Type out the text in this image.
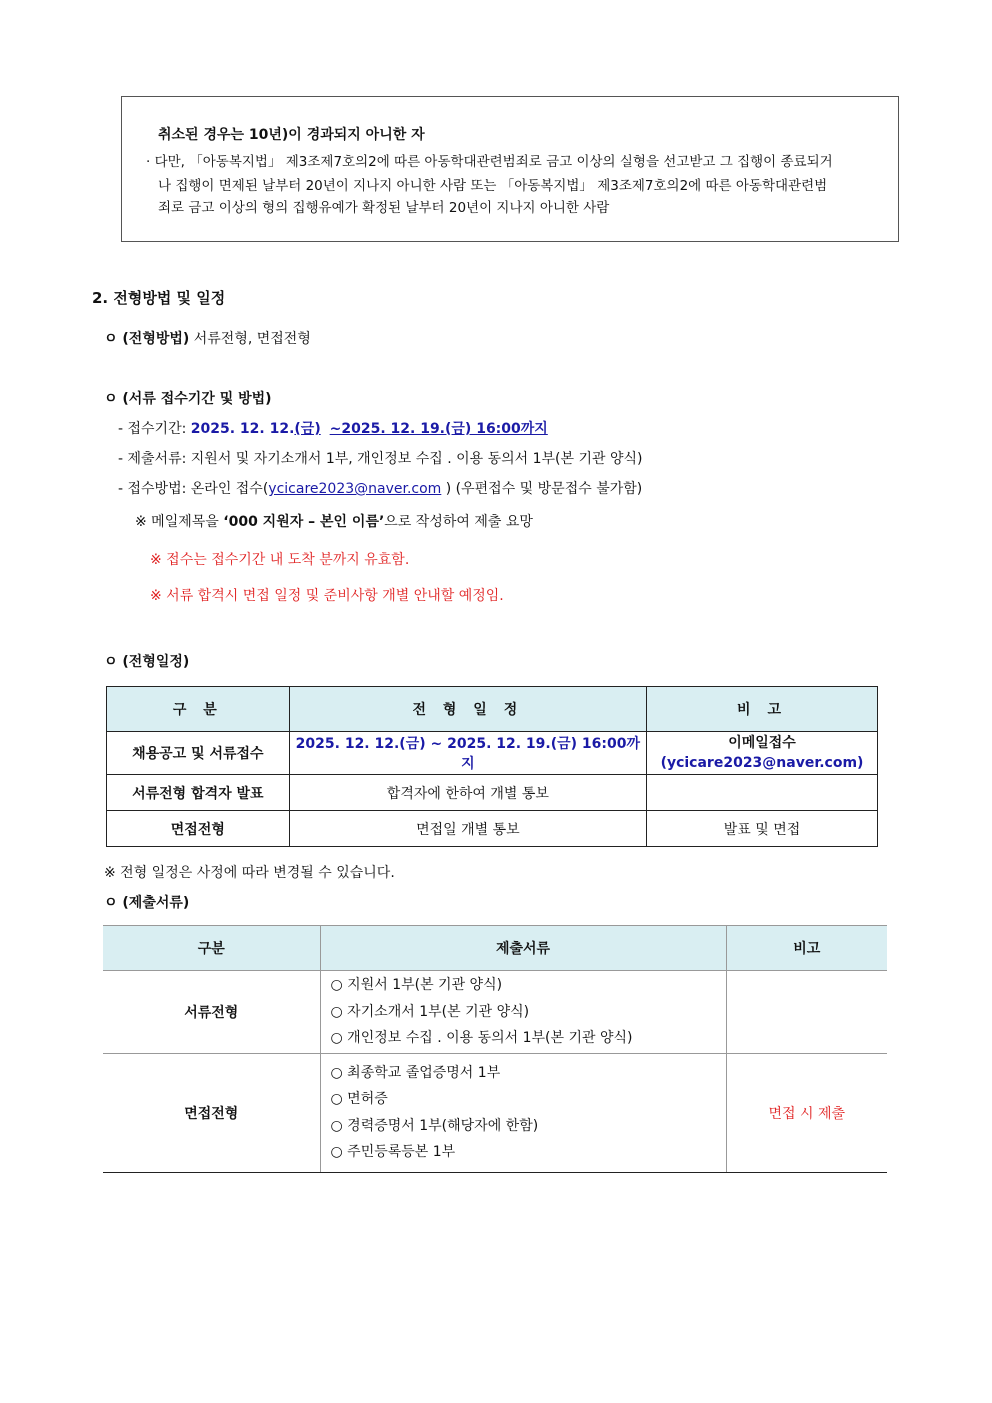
취소된 경우는 10년)이 경과되지 아니한 자
· 다만, 「아동복지법」 제3조제7호의2에 따른 아동학대관련범죄로 금고 이상의 실형을 선고받고 그 집행이 종료되거
나 집행이 면제된 날부터 20년이 지나지 아니한 사람 또는 「아동복지법」 제3조제7호의2에 따른 아동학대관련범
죄로 금고 이상의 형의 집행유예가 확정된 날부터 20년이 지나지 아니한 사람
2. 전형방법 및 일정
ㅇ (전형방법) 서류전형, 면접전형
ㅇ (서류 접수기간 및 방법)
- 접수기간: 2025. 12. 12.(금) ~2025. 12. 19.(금) 16:00까지
- 제출서류: 지원서 및 자기소개서 1부, 개인정보 수집 . 이용 동의서 1부(본 기관 양식)
- 접수방법: 온라인 접수(ycicare2023@naver.com ) (우편접수 및 방문접수 불가함)
※ 메일제목을 ‘000 지원자 – 본인 이름’으로 작성하여 제출 요망
※ 접수는 접수기간 내 도착 분까지 유효함.
※ 서류 합격시 면접 일정 및 준비사항 개별 안내할 예정임.
ㅇ (전형일정)
구 분	전 형 일 정	비 고
채용공고 및 서류접수	2025. 12. 12.(금) ~ 2025. 12. 19.(금) 16:00까지	이메일접수
(ycicare2023@naver.com)

서류전형 합격자 발표	합격자에 한하여 개별 통보	
면접전형	면접일 개별 통보	발표 및 면접
※ 전형 일정은 사정에 따라 변경될 수 있습니다.
ㅇ (제출서류)
구분	제출서류	비고
서류전형	○ 지원서 1부(본 기관 양식)
○ 자기소개서 1부(본 기관 양식)
○ 개인정보 수집 . 이용 동의서 1부(본 기관 양식)	

면접전형	○ 최종학교 졸업증명서 1부
○ 면허증
○ 경력증명서 1부(해당자에 한함)
○ 주민등록등본 1부	면접 시 제출
